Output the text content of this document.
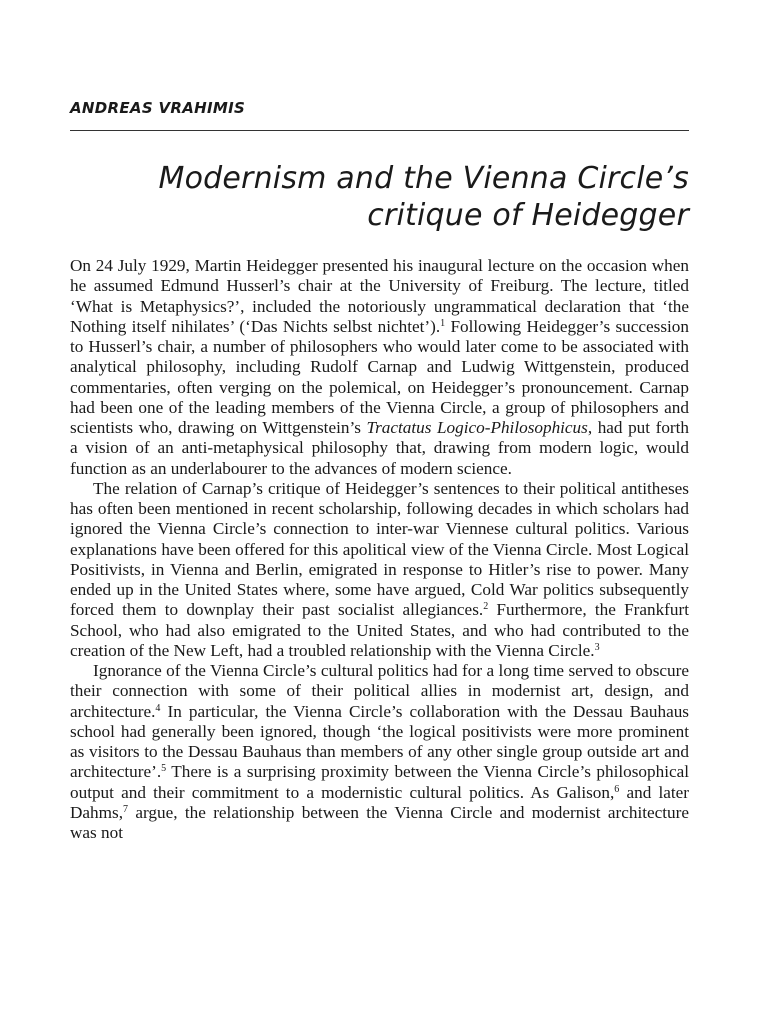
ANDREAS VRAHIMIS

Modernism and the Vienna Circle’s
critique of Heidegger

On 24 July 1929, Martin Heidegger presented his inaugural lecture on the occasion when he assumed Edmund Husserl’s chair at the University of Freiburg. The lecture, titled ‘What is Metaphysics?’, included the notoriously ungrammatical declaration that ‘the Nothing itself nihilates’ (‘Das Nichts selbst nichtet’).$^1$ Following Heidegger’s succession to Husserl’s chair, a number of philosophers who would later come to be associated with analytical philosophy, including Rudolf Carnap and Ludwig Wittgenstein, produced commentaries, often verging on the polemical, on Heidegger’s pronouncement. Carnap had been one of the leading members of the Vienna Circle, a group of philosophers and scientists who, drawing on Wittgenstein’s Tractatus Logico-Philosophicus, had put forth a vision of an anti-metaphysical philosophy that, drawing from modern logic, would function as an underlabourer to the advances of modern science.

The relation of Carnap’s critique of Heidegger’s sentences to their political antitheses has often been mentioned in recent scholarship, following decades in which scholars had ignored the Vienna Circle’s connection to inter-war Viennese cultural politics. Various explanations have been offered for this apolitical view of the Vienna Circle. Most Logical Positivists, in Vienna and Berlin, emigrated in response to Hitler’s rise to power. Many ended up in the United States where, some have argued, Cold War politics subsequently forced them to downplay their past socialist allegiances.$^2$ Furthermore, the Frankfurt School, who had also emigrated to the United States, and who had contributed to the creation of the New Left, had a troubled relationship with the Vienna Circle.$^3$

Ignorance of the Vienna Circle’s cultural politics had for a long time served to obscure their connection with some of their political allies in modernist art, design, and architecture.$^4$ In particular, the Vienna Circle’s collaboration with the Dessau Bauhaus school had generally been ignored, though ‘the logical positivists were more prominent as visitors to the Dessau Bauhaus than members of any other single group outside art and architecture’.$^5$ There is a surprising proximity between the Vienna Circle’s philosophical output and their commitment to a modernistic cultural politics. As Galison,$^6$ and later Dahms,$^7$ argue, the relationship between the Vienna Circle and modernist architecture was not
